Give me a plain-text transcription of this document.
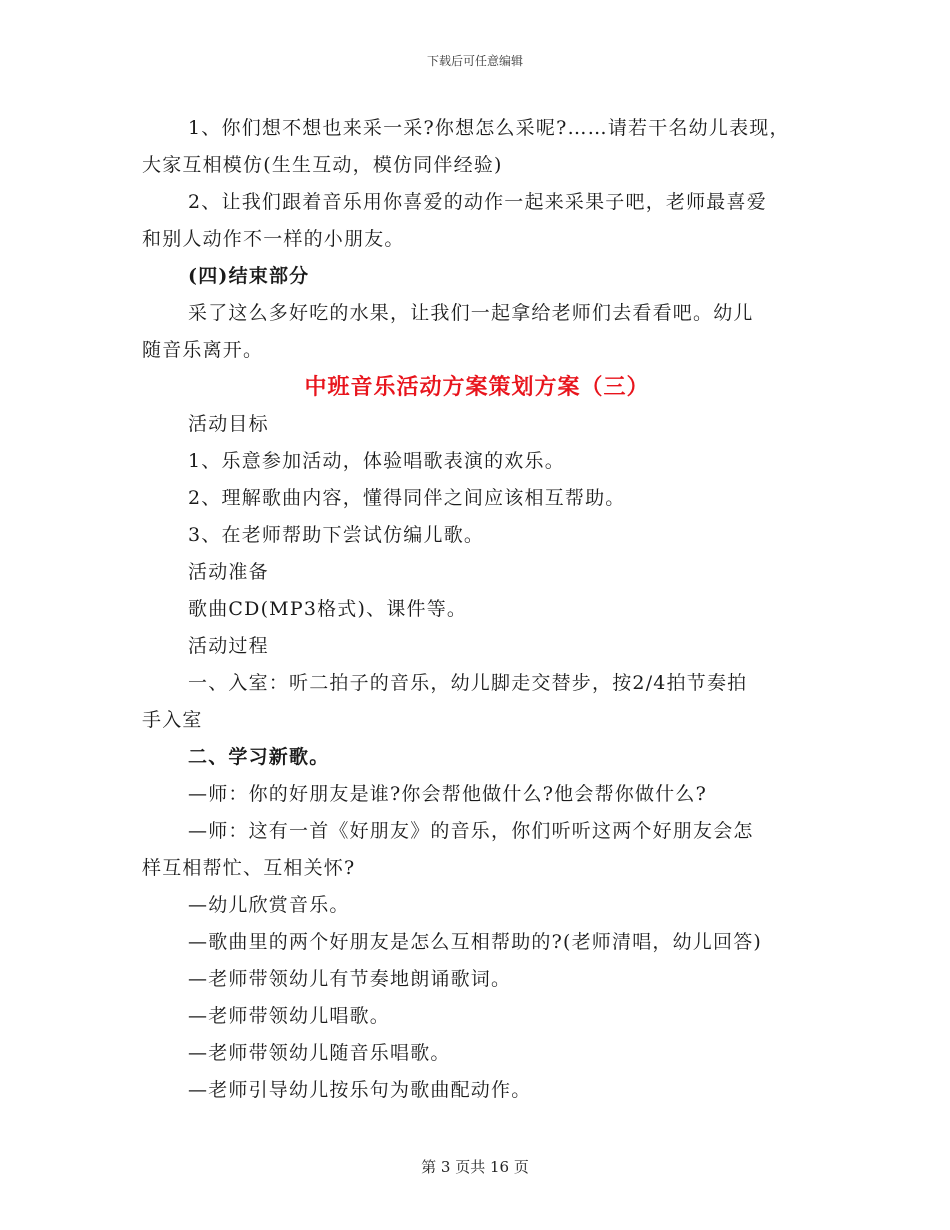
下载后可任意编辑

1、你们想不想也来采一采?你想怎么采呢?……请若干名幼儿表现，

大家互相模仿(生生互动，模仿同伴经验)

2、让我们跟着音乐用你喜爱的动作一起来采果子吧，老师最喜爱

和别人动作不一样的小朋友。

(四)结束部分

采了这么多好吃的水果，让我们一起拿给老师们去看看吧。幼儿

随音乐离开。

中班音乐活动方案策划方案（三）

活动目标

1、乐意参加活动，体验唱歌表演的欢乐。

2、理解歌曲内容，懂得同伴之间应该相互帮助。

3、在老师帮助下尝试仿编儿歌。

活动准备

歌曲CD(MP3格式)、课件等。

活动过程

一、入室：听二拍子的音乐，幼儿脚走交替步，按2/4拍节奏拍

手入室

二、学习新歌。

—师：你的好朋友是谁?你会帮他做什么?他会帮你做什么?

—师：这有一首《好朋友》的音乐，你们听听这两个好朋友会怎

样互相帮忙、互相关怀?

—幼儿欣赏音乐。

—歌曲里的两个好朋友是怎么互相帮助的?(老师清唱，幼儿回答)

—老师带领幼儿有节奏地朗诵歌词。

—老师带领幼儿唱歌。

—老师带领幼儿随音乐唱歌。

—老师引导幼儿按乐句为歌曲配动作。

第 3 页共 16 页
